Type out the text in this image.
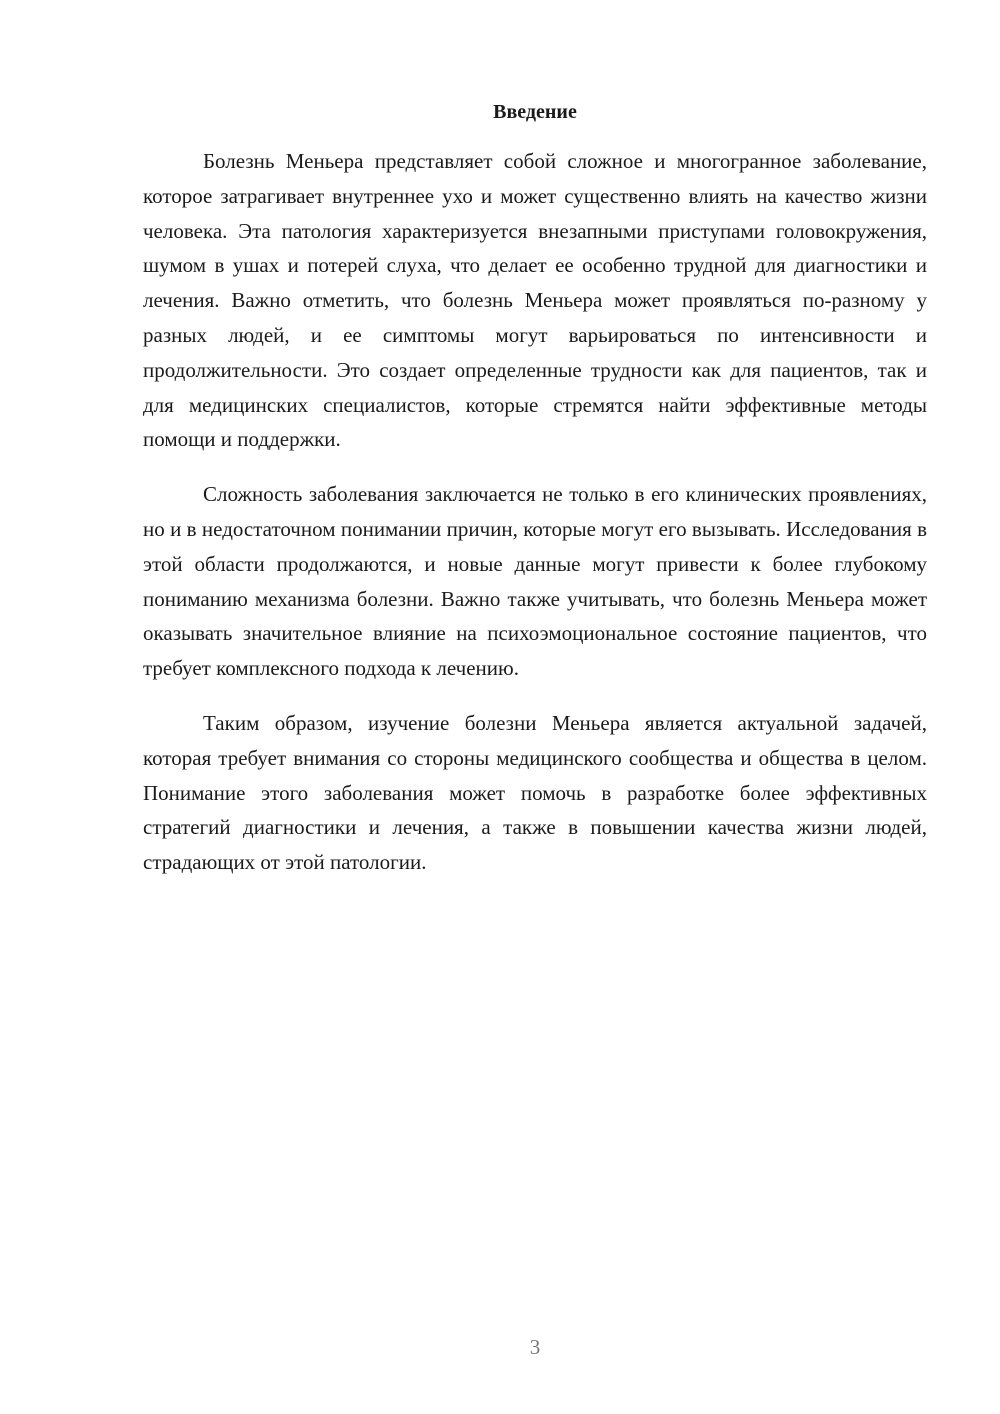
Введение

Болезнь Меньера представляет собой сложное и многогранное заболевание, которое затрагивает внутреннее ухо и может существенно влиять на качество жизни человека. Эта патология характеризуется внезапными приступами головокружения, шумом в ушах и потерей слуха, что делает ее особенно трудной для диагностики и лечения. Важно отметить, что болезнь Меньера может проявляться по-разному у разных людей, и ее симптомы могут варьироваться по интенсивности и продолжительности. Это создает определенные трудности как для пациентов, так и для медицинских специалистов, которые стремятся найти эффективные методы помощи и поддержки.

Сложность заболевания заключается не только в его клинических проявлениях, но и в недостаточном понимании причин, которые могут его вызывать. Исследования в этой области продолжаются, и новые данные могут привести к более глубокому пониманию механизма болезни. Важно также учитывать, что болезнь Меньера может оказывать значительное влияние на психоэмоциональное состояние пациентов, что требует комплексного подхода к лечению.

Таким образом, изучение болезни Меньера является актуальной задачей, которая требует внимания со стороны медицинского сообщества и общества в целом. Понимание этого заболевания может помочь в разработке более эффективных стратегий диагностики и лечения, а также в повышении качества жизни людей, страдающих от этой патологии.

3
